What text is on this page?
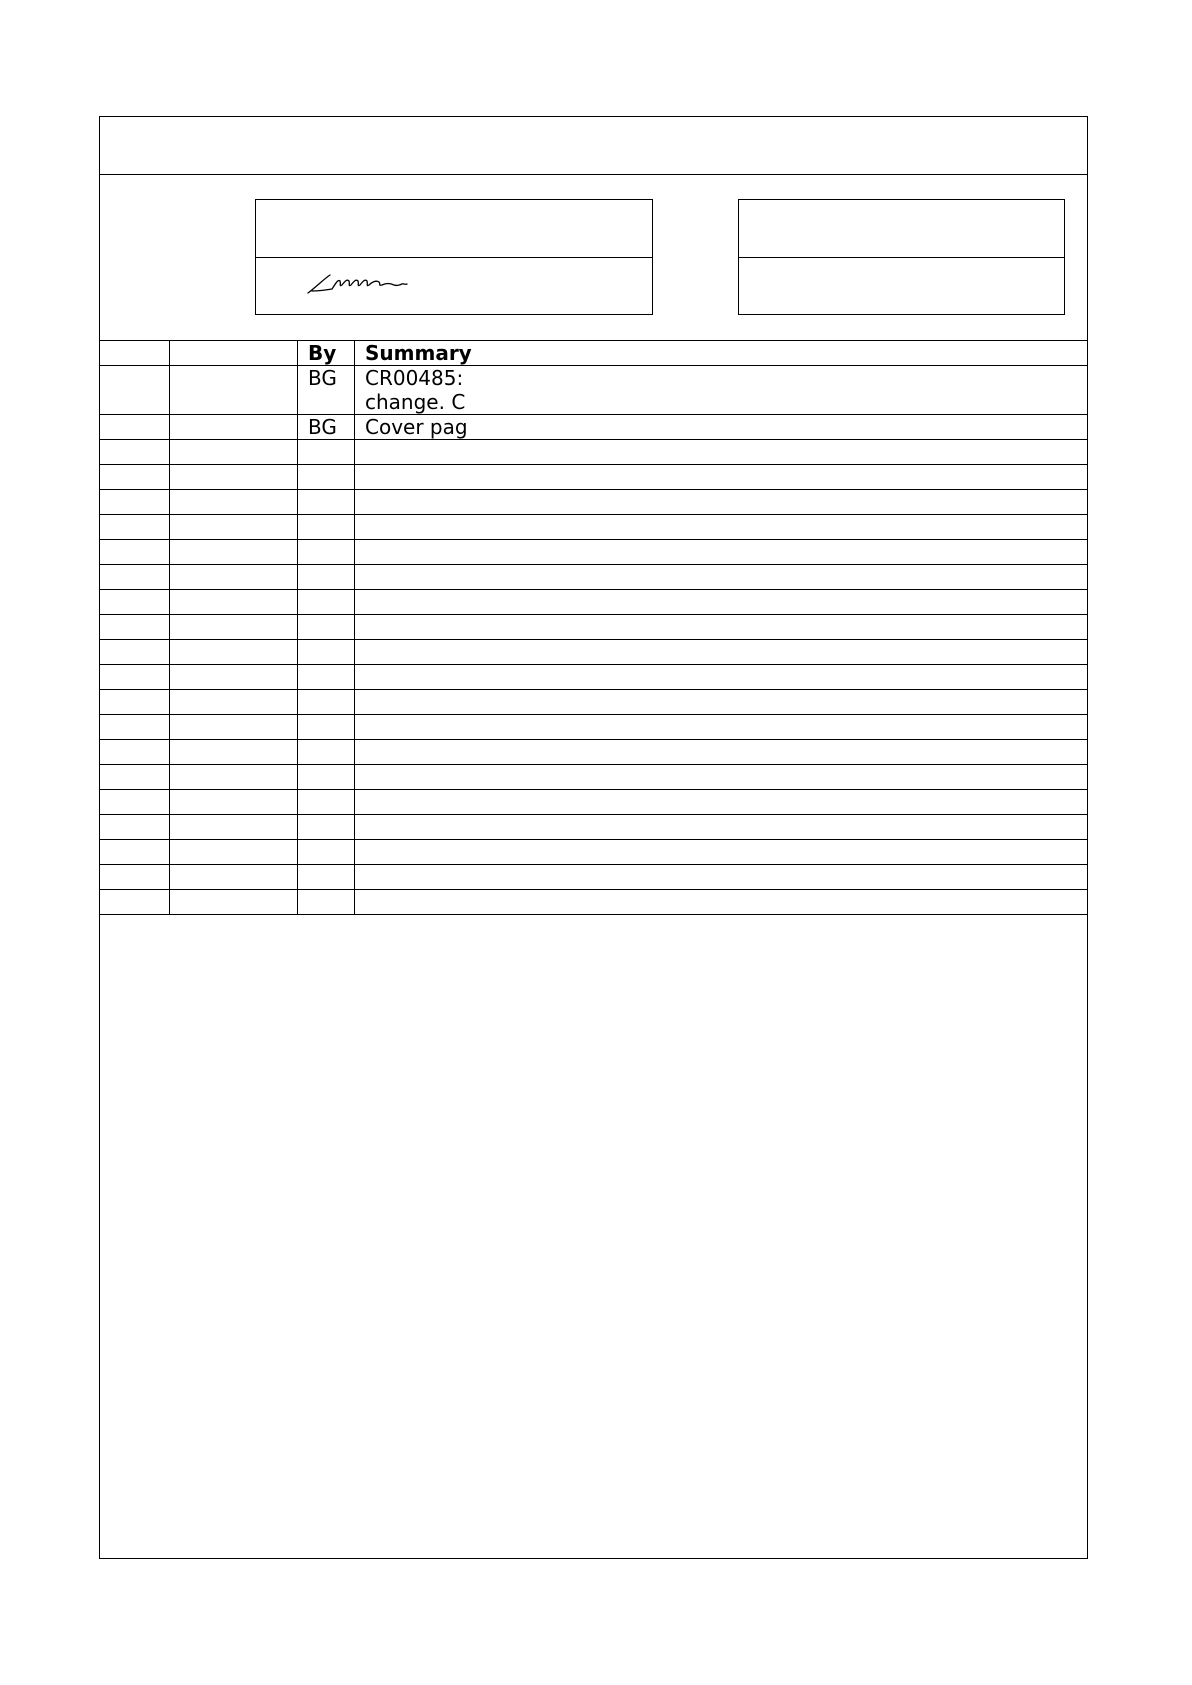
		By	Summary
		BG	CR00485:
change. C

		BG	Cover pag
